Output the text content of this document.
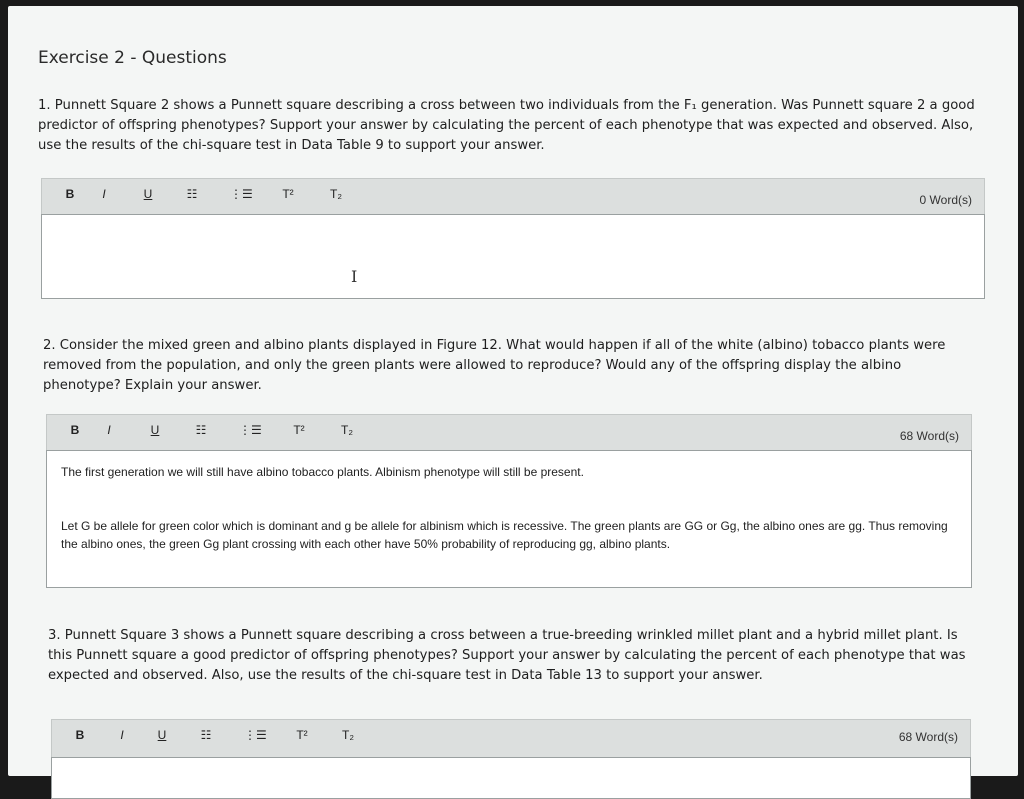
Exercise 2 - Questions
1. Punnett Square 2 shows a Punnett square describing a cross between two individuals from the F₁ generation. Was Punnett square 2 a good predictor of offspring phenotypes? Support your answer by calculating the percent of each phenotype that was expected and observed. Also, use the results of the chi-square test in Data Table 9 to support your answer.
B	I	U	☷	⋮☰	T²	T₂	0 Word(s)
I
2. Consider the mixed green and albino plants displayed in Figure 12. What would happen if all of the white (albino) tobacco plants were removed from the population, and only the green plants were allowed to reproduce? Would any of the offspring display the albino phenotype? Explain your answer.
B	I	U	☷	⋮☰	T²	T₂	68 Word(s)
The first generation we will still have albino tobacco plants. Albinism phenotype will still be present.
Let G be allele for green color which is dominant and g be allele for albinism which is recessive. The green plants are GG or Gg, the albino ones are gg. Thus removing the albino ones, the green Gg plant crossing with each other have 50% probability of reproducing gg, albino plants.
3. Punnett Square 3 shows a Punnett square describing a cross between a true-breeding wrinkled millet plant and a hybrid millet plant. Is this Punnett square a good predictor of offspring phenotypes? Support your answer by calculating the percent of each phenotype that was expected and observed. Also, use the results of the chi-square test in Data Table 13 to support your answer.
B	I	U	☷	⋮☰	T²	T₂	68 Word(s)
